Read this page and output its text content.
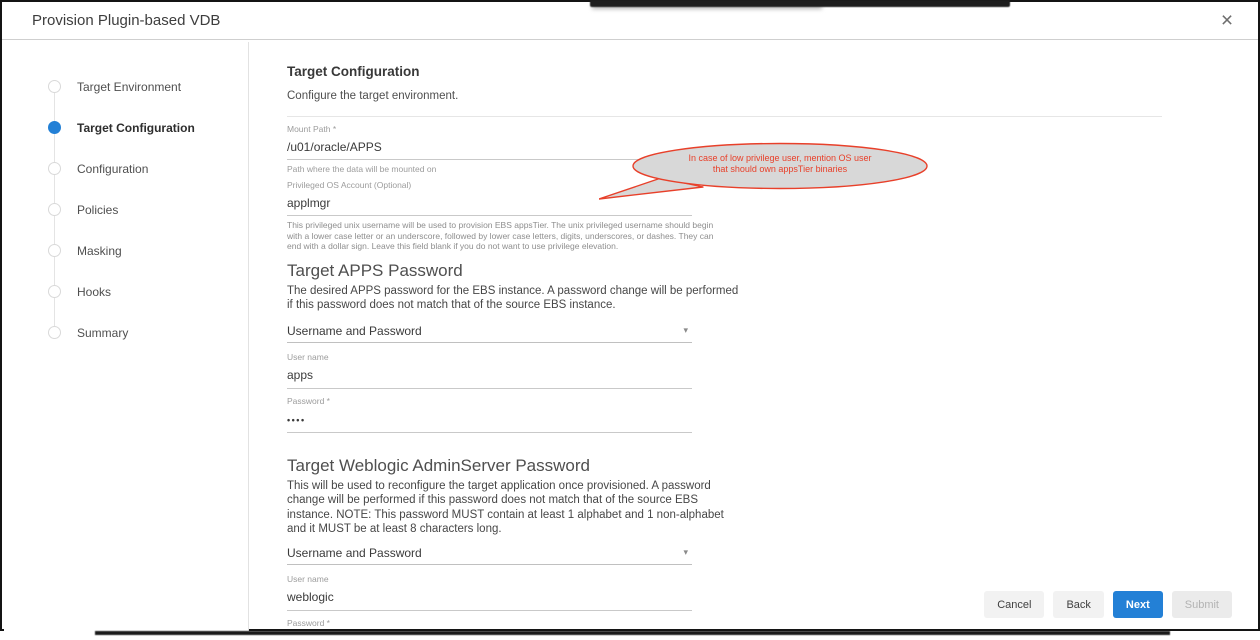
Provision Plugin-based VDB	×
Target Environment
Target Configuration
Configuration
Policies
Masking
Hooks
Summary
Target Configuration
Configure the target environment.
Mount Path *
/u01/oracle/APPS
Path where the data will be mounted on
Privileged OS Account (Optional)
applmgr
This privileged unix username will be used to provision EBS appsTier. The unix privileged username should begin with a lower case letter or an underscore, followed by lower case letters, digits, underscores, or dashes. They can end with a dollar sign. Leave this field blank if you do not want to use privilege elevation.
Target APPS Password
The desired APPS password for the EBS instance. A password change will be performed if this password does not match that of the source EBS instance.
Username and Password	▾
User name
apps
Password *
••••
Target Weblogic AdminServer Password
This will be used to reconfigure the target application once provisioned. A password change will be performed if this password does not match that of the source EBS instance. NOTE: This password MUST contain at least 1 alphabet and 1 non-alphabet and it MUST be at least 8 characters long.
Username and Password	▾
User name
weblogic
Password *
••••••••
In case of low privilege user, mention OS user
that should own appsTier binaries
Cancel	Back	Next	Submit
